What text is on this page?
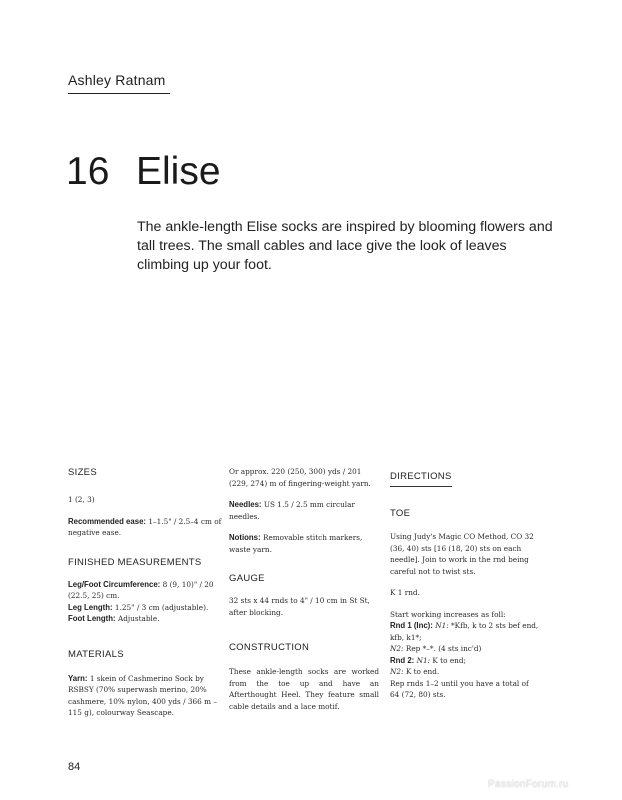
Ashley Ratnam
16 Elise
The ankle-length Elise socks are inspired by blooming flowers and tall trees. The small cables and lace give the look of leaves climbing up your foot.

SIZES

1 (2, 3)

Recommended ease: 1–1.5" / 2.5–4 cm of negative ease.

FINISHED MEASUREMENTS

Leg/Foot Circumference: 8 (9, 10)" / 20 (22.5, 25) cm.

Leg Length: 1.25" / 3 cm (adjustable).

Foot Length: Adjustable.

MATERIALS

Yarn: 1 skein of Cashmerino Sock by RSBSY (70% superwash merino, 20% cashmere, 10% nylon, 400 yds / 366 m – 115 g), colourway Seascape.

Or approx. 220 (250, 300) yds / 201 (229, 274) m of fingering-weight yarn.

Needles: US 1.5 / 2.5 mm circular needles.

Notions: Removable stitch markers, waste yarn.

GAUGE

32 sts x 44 rnds to 4" / 10 cm in St St, after blocking.

CONSTRUCTION

These ankle-length socks are worked from the toe up and have an Afterthought Heel. They feature small cable details and a lace motif.

DIRECTIONS

TOE

Using Judy's Magic CO Method, CO 32 (36, 40) sts [16 (18, 20) sts on each needle]. Join to work in the rnd being careful not to twist sts.

K 1 rnd.

Start working increases as foll:

Rnd 1 (Inc): N1: *Kfb, k to 2 sts bef end, kfb, k1*;

N2: Rep *–*. (4 sts inc'd)

Rnd 2: N1: K to end;

N2: K to end.

Rep rnds 1–2 until you have a total of 64 (72, 80) sts.

84
PassionForum.ru
